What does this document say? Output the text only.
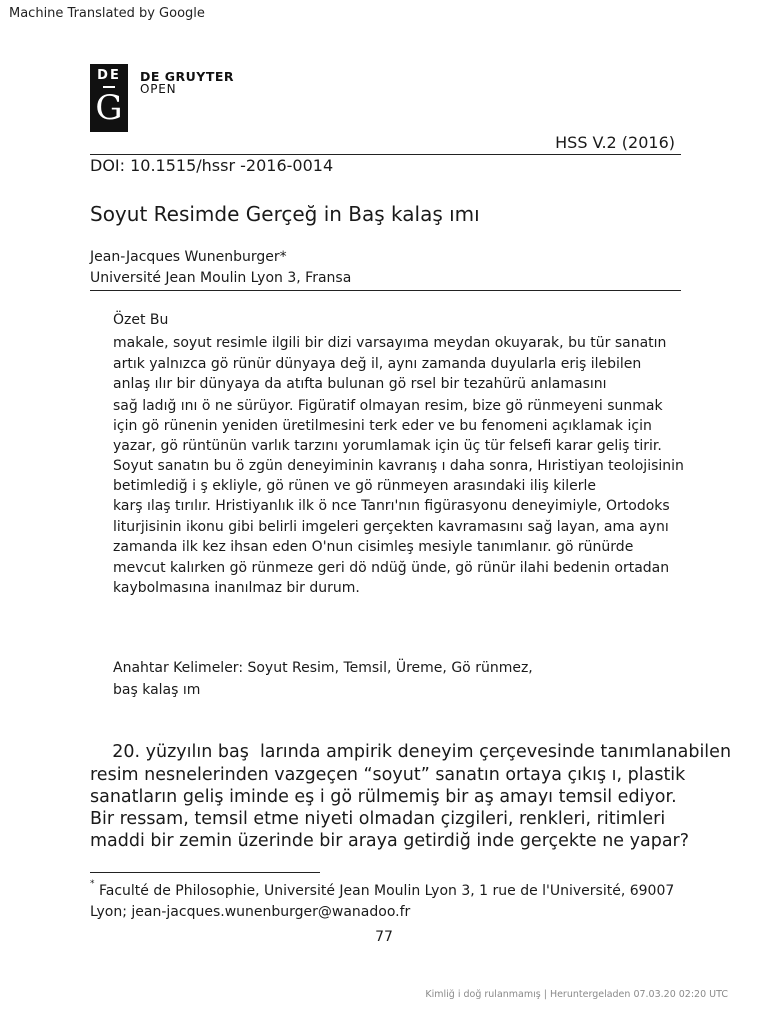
Machine Translated by Google
DE
G
DE GRUYTER
OPEN
HSS V.2 (2016)
DOI: 10.1515/hssr -2016-0014
Soyut Resimde Gerçeğ in Baş kalaş ımı
Jean-Jacques Wunenburger*
Université Jean Moulin Lyon 3, Fransa
Özet Bu
makale, soyut resimle ilgili bir dizi varsayıma meydan okuyarak, bu tür sanatın
artık yalnızca gö rünür dünyaya değ il, aynı zamanda duyularla eriş ilebilen
anlaş ılır bir dünyaya da atıfta bulunan gö rsel bir tezahürü anlamasını
sağ ladığ ını ö ne sürüyor. Figüratif olmayan resim, bize gö rünmeyeni sunmak
için gö rünenin yeniden üretilmesini terk eder ve bu fenomeni açıklamak için
yazar, gö rüntünün varlık tarzını yorumlamak için üç tür felsefi karar geliş tirir.
Soyut sanatın bu ö zgün deneyiminin kavranış ı daha sonra, Hıristiyan teolojisinin
betimlediğ i ş ekliyle, gö rünen ve gö rünmeyen arasındaki iliş kilerle
karş ılaş tırılır. Hristiyanlık ilk ö nce Tanrı'nın figürasyonu deneyimiyle, Ortodoks
liturjisinin ikonu gibi belirli imgeleri gerçekten kavramasını sağ layan, ama aynı
zamanda ilk kez ihsan eden O'nun cisimleş mesiyle tanımlanır. gö rünürde
mevcut kalırken gö rünmeze geri dö ndüğ ünde, gö rünür ilahi bedenin ortadan
kaybolmasına inanılmaz bir durum.
Anahtar Kelimeler: Soyut Resim, Temsil, Üreme, Gö rünmez,
baş kalaş ım
20. yüzyılın baş  larında ampirik deneyim çerçevesinde tanımlanabilen
resim nesnelerinden vazgeçen “soyut” sanatın ortaya çıkış ı, plastik
sanatların geliş iminde eş i gö rülmemiş bir aş amayı temsil ediyor.
Bir ressam, temsil etme niyeti olmadan çizgileri, renkleri, ritimleri
maddi bir zemin üzerinde bir araya getirdiğ inde gerçekte ne yapar?
* Faculté de Philosophie, Université Jean Moulin Lyon 3, 1 rue de l'Université, 69007
Lyon; jean-jacques.wunenburger@wanadoo.fr
77
Kimliğ i doğ rulanmamış | Heruntergeladen 07.03.20 02:20 UTC
